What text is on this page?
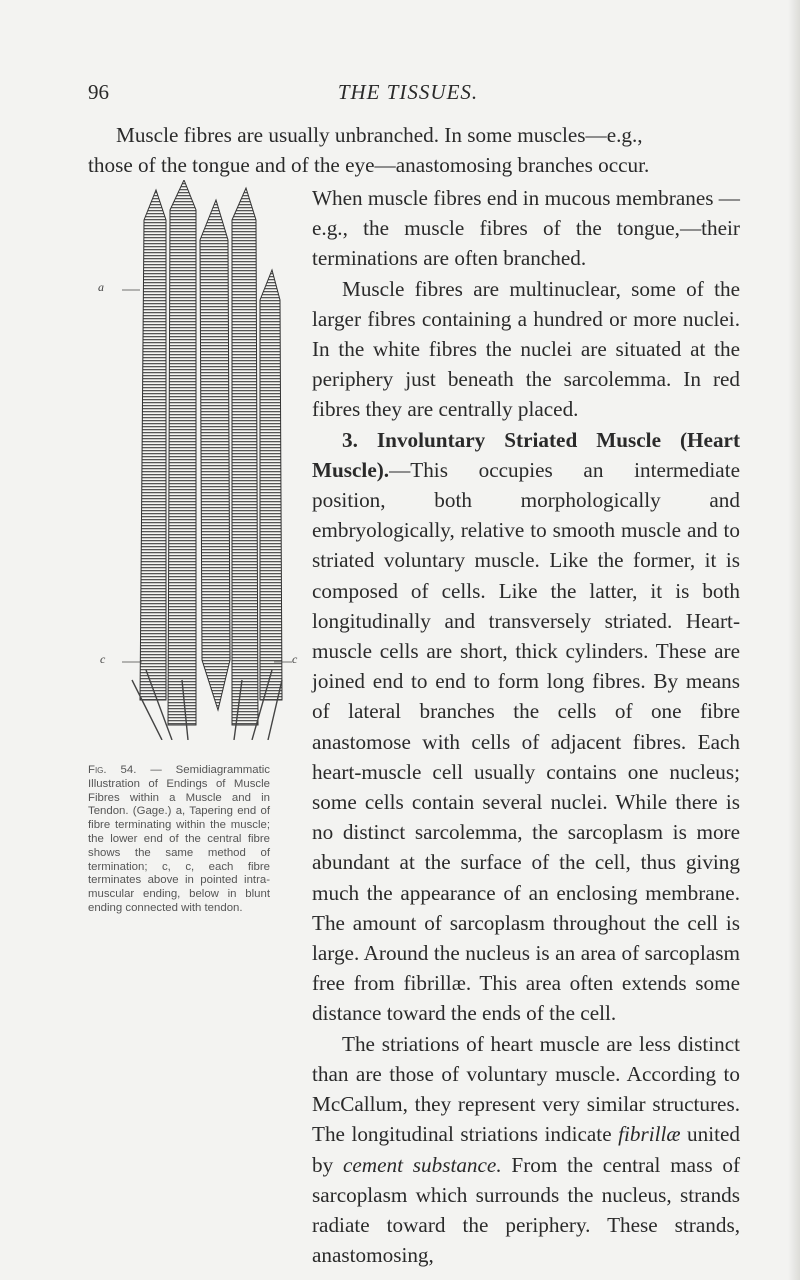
96	THE TISSUES.
Muscle fibres are usually unbranched. In some muscles—e.g.,
those of the tongue and of the eye—anastomosing branches occur.
a
c	c
Fig. 54. — Semidiagrammatic Illustration of Endings of Muscle Fibres within a Muscle and in Tendon. (Gage.) a, Tapering end of fibre terminating within the muscle; the lower end of the central fibre shows the same method of termination; c, c, each fibre terminates above in pointed intra-muscular ending, below in blunt ending connected with tendon.

When muscle fibres end in mucous membranes —e.g., the muscle fibres of the tongue,—their terminations are often branched.

Muscle fibres are multinuclear, some of the larger fibres containing a hundred or more nuclei. In the white fibres the nuclei are situated at the periphery just beneath the sarcolemma. In red fibres they are centrally placed.

3. Involuntary Striated Muscle (Heart Muscle).—This occupies an intermediate position, both morphologically and embryologically, relative to smooth muscle and to striated voluntary muscle. Like the former, it is composed of cells. Like the latter, it is both longitudinally and transversely striated. Heart-muscle cells are short, thick cylinders. These are joined end to end to form long fibres. By means of lateral branches the cells of one fibre anastomose with cells of adjacent fibres. Each heart-muscle cell usually contains one nucleus; some cells contain several nuclei. While there is no distinct sarcolemma, the sarcoplasm is more abundant at the surface of the cell, thus giving much the appearance of an enclosing membrane. The amount of sarcoplasm throughout the cell is large. Around the nucleus is an area of sarcoplasm free from fibrillæ. This area often extends some distance toward the ends of the cell.

The striations of heart muscle are less distinct than are those of voluntary muscle. According to McCallum, they represent very similar structures. The longitudinal striations indicate fibrillæ united by cement substance. From the central mass of sarcoplasm which surrounds the nucleus, strands radiate toward the periphery. These strands, anastomosing,
